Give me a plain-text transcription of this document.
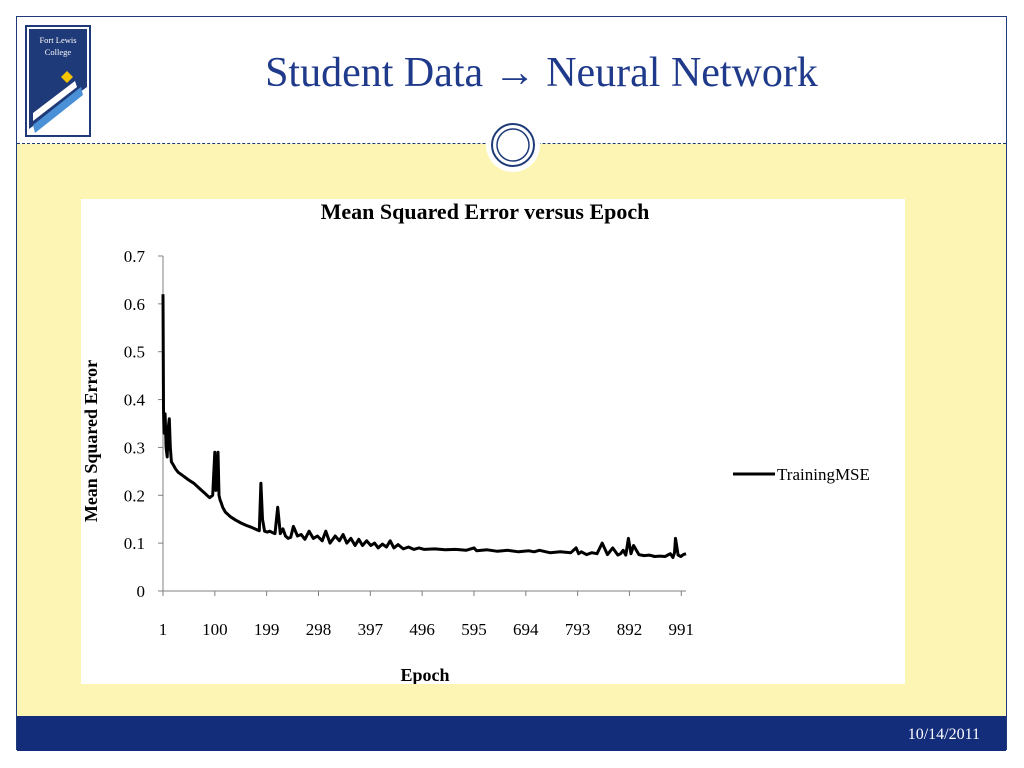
Fort Lewis
College	Student Data → Neural Network
Mean Squared Error versus Epoch
Mean Squared Error
Epoch
0
0.1
0.2
0.3
0.4
0.5
0.6
0.7
1 100 199 298 397 496 595 694 793 892 991
TrainingMSE
10/14/2011
